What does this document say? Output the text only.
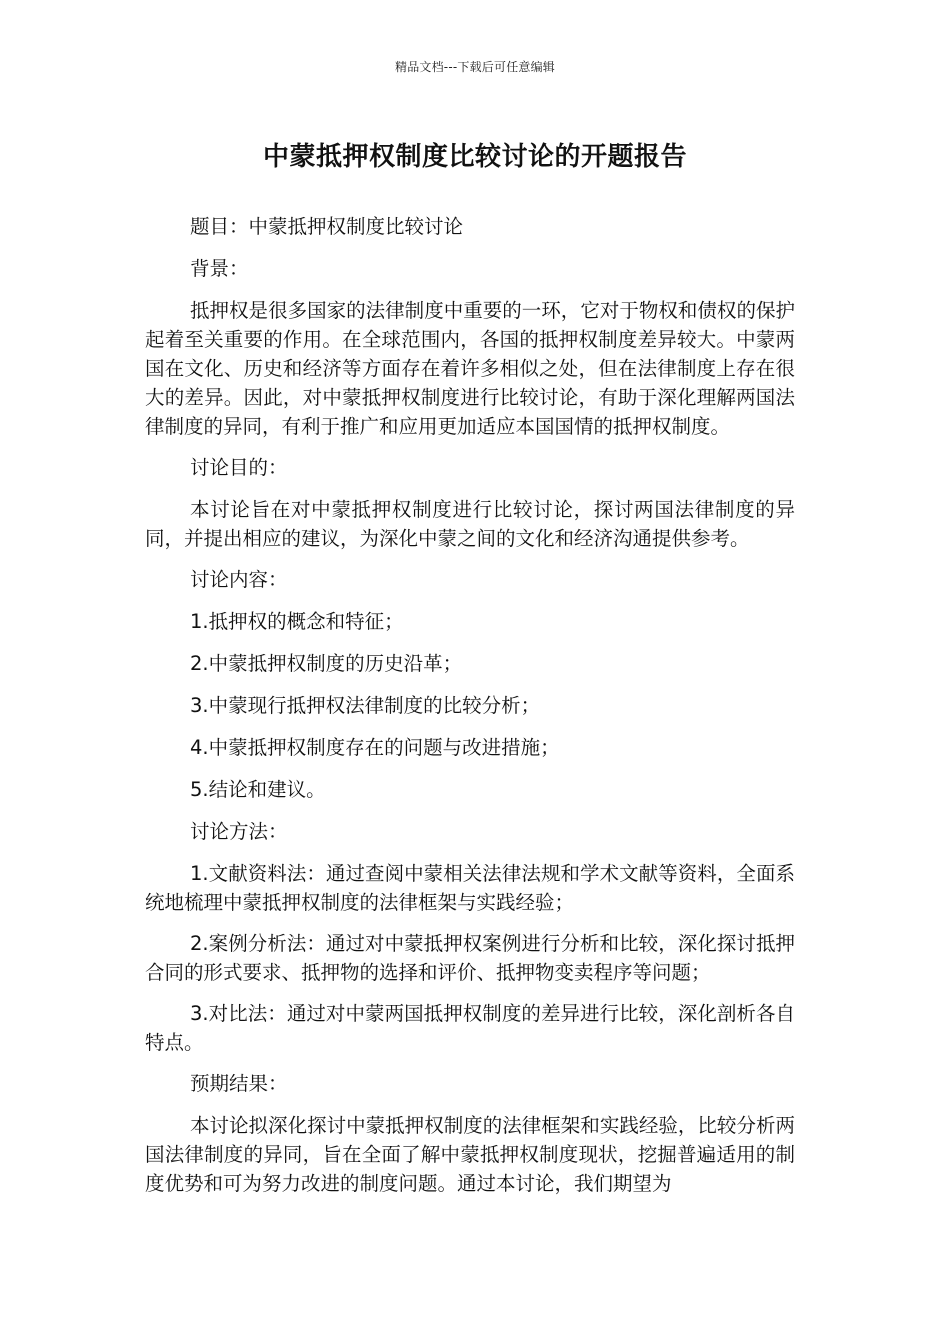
精品文档---下载后可任意编辑
中蒙抵押权制度比较讨论的开题报告

题目：中蒙抵押权制度比较讨论

背景：

抵押权是很多国家的法律制度中重要的一环，它对于物权和债权的保护起着至关重要的作用。在全球范围内，各国的抵押权制度差异较大。中蒙两国在文化、历史和经济等方面存在着许多相似之处，但在法律制度上存在很大的差异。因此，对中蒙抵押权制度进行比较讨论，有助于深化理解两国法律制度的异同，有利于推广和应用更加适应本国国情的抵押权制度。

讨论目的：

本讨论旨在对中蒙抵押权制度进行比较讨论，探讨两国法律制度的异同，并提出相应的建议，为深化中蒙之间的文化和经济沟通提供参考。

讨论内容：

1.抵押权的概念和特征；

2.中蒙抵押权制度的历史沿革；

3.中蒙现行抵押权法律制度的比较分析；

4.中蒙抵押权制度存在的问题与改进措施；

5.结论和建议。

讨论方法：

1.文献资料法：通过查阅中蒙相关法律法规和学术文献等资料，全面系统地梳理中蒙抵押权制度的法律框架与实践经验；

2.案例分析法：通过对中蒙抵押权案例进行分析和比较，深化探讨抵押合同的形式要求、抵押物的选择和评价、抵押物变卖程序等问题；

3.对比法：通过对中蒙两国抵押权制度的差异进行比较，深化剖析各自特点。

预期结果：

本讨论拟深化探讨中蒙抵押权制度的法律框架和实践经验，比较分析两国法律制度的异同，旨在全面了解中蒙抵押权制度现状，挖掘普遍适用的制度优势和可为努力改进的制度问题。通过本讨论，我们期望为
